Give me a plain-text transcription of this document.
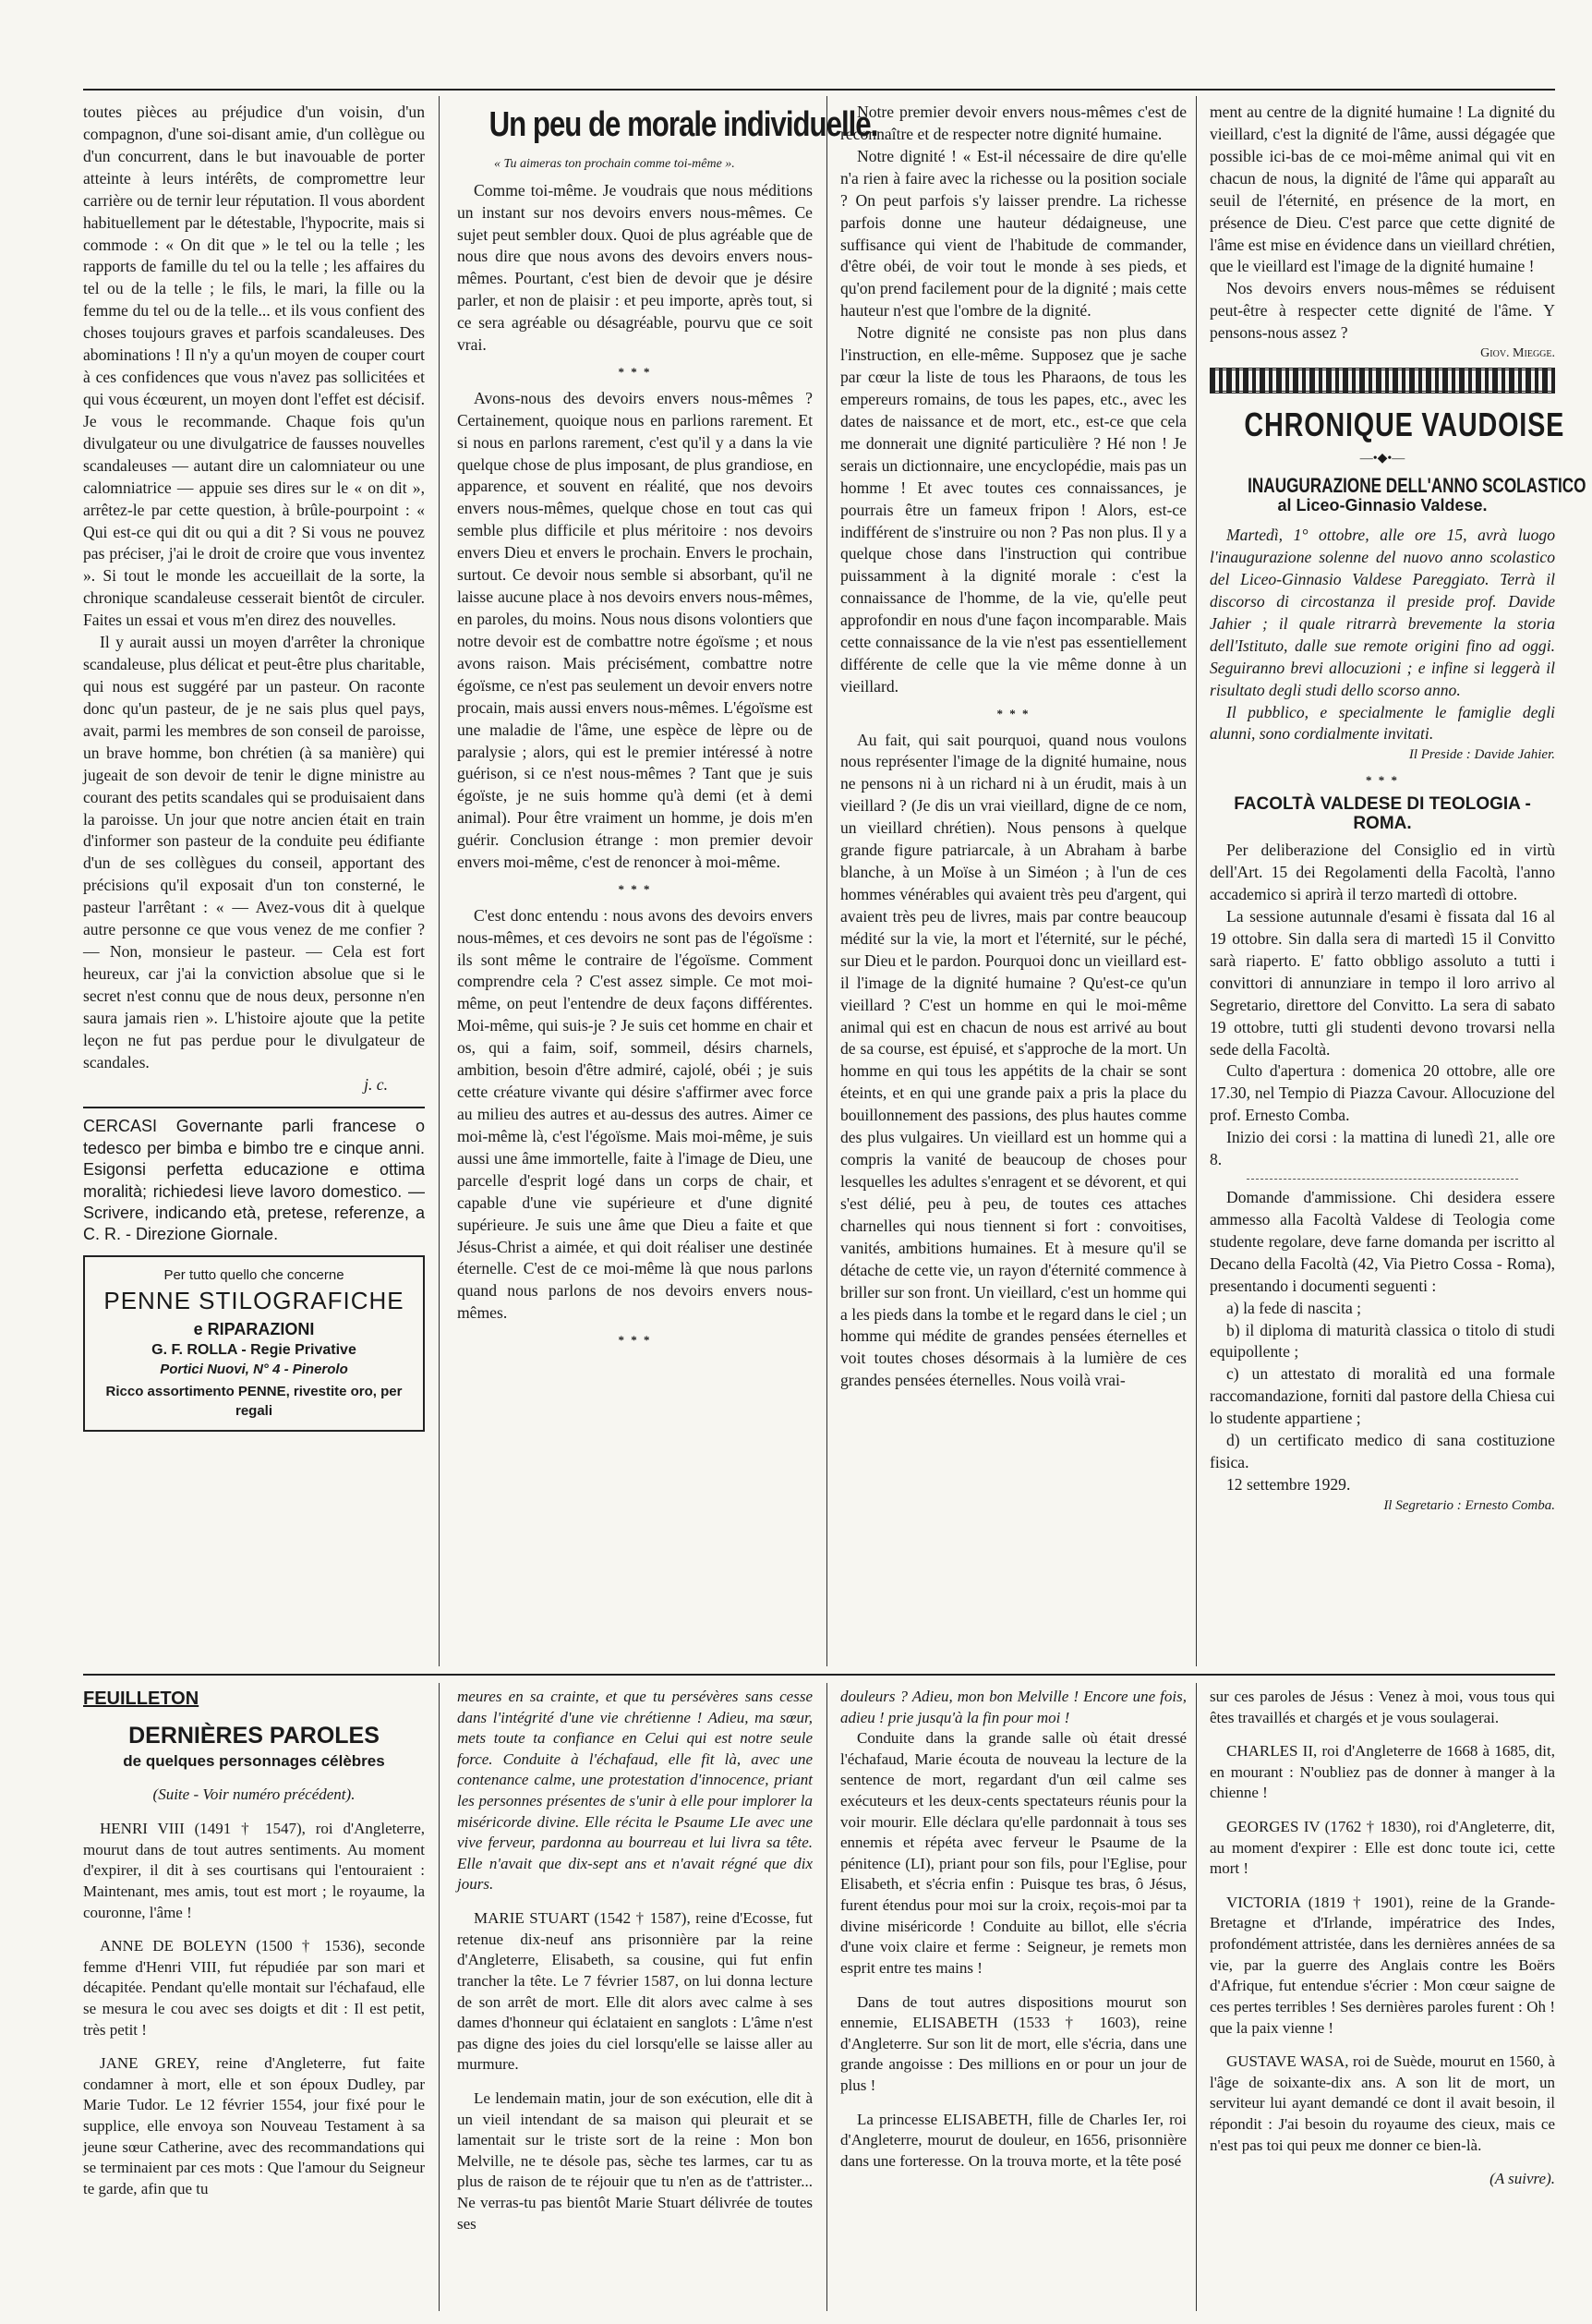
toutes pièces au préjudice d'un voisin, d'un compagnon, d'une soi-disant amie, d'un collègue ou d'un concurrent, dans le but inavouable de porter atteinte à leurs intérêts, de compromettre leur carrière ou de ternir leur réputation. Il vous abordent habituellement par le détestable, l'hypocrite, mais si commode : « On dit que » le tel ou la telle ; les rapports de famille du tel ou la telle ; les affaires du tel ou de la telle ; le fils, le mari, la fille ou la femme du tel ou de la telle... et ils vous confient des choses toujours graves et parfois scandaleuses. Des abominations ! Il n'y a qu'un moyen de couper court à ces confidences que vous n'avez pas sollicitées et qui vous écœurent, un moyen dont l'effet est décisif. Je vous le recommande. Chaque fois qu'un divulgateur ou une divulgatrice de fausses nouvelles scandaleuses — autant dire un calomniateur ou une calomniatrice — appuie ses dires sur le « on dit », arrêtez-le par cette question, à brûle-pourpoint : « Qui est-ce qui dit ou qui a dit ? Si vous ne pouvez pas préciser, j'ai le droit de croire que vous inventez ». Si tout le monde les accueillait de la sorte, la chronique scandaleuse cesserait bientôt de circuler. Faites un essai et vous m'en direz des nouvelles.

Il y aurait aussi un moyen d'arrêter la chronique scandaleuse, plus délicat et peut-être plus charitable, qui nous est suggéré par un pasteur. On raconte donc qu'un pasteur, de je ne sais plus quel pays, avait, parmi les membres de son conseil de paroisse, un brave homme, bon chrétien (à sa manière) qui jugeait de son devoir de tenir le digne ministre au courant des petits scandales qui se produisaient dans la paroisse. Un jour que notre ancien était en train d'informer son pasteur de la conduite peu édifiante d'un de ses collègues du conseil, apportant des précisions qu'il exposait d'un ton consterné, le pasteur l'arrêtant : « — Avez-vous dit à quelque autre personne ce que vous venez de me confier ? — Non, monsieur le pasteur. — Cela est fort heureux, car j'ai la conviction absolue que si le secret n'est connu que de nous deux, personne n'en saura jamais rien ». L'histoire ajoute que la petite leçon ne fut pas perdue pour le divulgateur de scandales.

j. c.

CERCASI Governante parli francese o tedesco per bimba e bimbo tre e cinque anni. Esigonsi perfetta educazione e ottima moralità; richiedesi lieve lavoro domestico. — Scrivere, indicando età, pretese, referenze, a C. R. - Direzione Giornale.

Per tutto quello che concerne
PENNE STILOGRAFICHE
e RIPARAZIONI
G. F. ROLLA - Regie Privative
Portici Nuovi, N° 4 - Pinerolo
Ricco assortimento PENNE, rivestite oro, per regali
Un peu de morale individuelle.
« Tu aimeras ton prochain comme toi-même ».

Comme toi-même. Je voudrais que nous méditions un instant sur nos devoirs envers nous-mêmes. Ce sujet peut sembler doux. Quoi de plus agréable que de nous dire que nous avons des devoirs envers nous-mêmes. Pourtant, c'est bien de devoir que je désire parler, et non de plaisir : et peu importe, après tout, si ce sera agréable ou désagréable, pourvu que ce soit vrai.

* * *

Avons-nous des devoirs envers nous-mêmes ? Certainement, quoique nous en parlions rarement. Et si nous en parlons rarement, c'est qu'il y a dans la vie quelque chose de plus imposant, de plus grandiose, en apparence, et souvent en réalité, que nos devoirs envers nous-mêmes, quelque chose en tout cas qui semble plus difficile et plus méritoire : nos devoirs envers Dieu et envers le prochain. Envers le prochain, surtout. Ce devoir nous semble si absorbant, qu'il ne laisse aucune place à nos devoirs envers nous-mêmes, en paroles, du moins. Nous nous disons volontiers que notre devoir est de combattre notre égoïsme ; et nous avons raison. Mais précisément, combattre notre égoïsme, ce n'est pas seulement un devoir envers notre procain, mais aussi envers nous-mêmes. L'égoïsme est une maladie de l'âme, une espèce de lèpre ou de paralysie ; alors, qui est le premier intéressé à notre guérison, si ce n'est nous-mêmes ? Tant que je suis égoïste, je ne suis homme qu'à demi (et à demi animal). Pour être vraiment un homme, je dois m'en guérir. Conclusion étrange : mon premier devoir envers moi-même, c'est de renoncer à moi-même.

* * *

C'est donc entendu : nous avons des devoirs envers nous-mêmes, et ces devoirs ne sont pas de l'égoïsme : ils sont même le contraire de l'égoïsme. Comment comprendre cela ? C'est assez simple. Ce mot moi-même, on peut l'entendre de deux façons différentes. Moi-même, qui suis-je ? Je suis cet homme en chair et os, qui a faim, soif, sommeil, désirs charnels, ambition, besoin d'être admiré, cajolé, obéi ; je suis cette créature vivante qui désire s'affirmer avec force au milieu des autres et au-dessus des autres. Aimer ce moi-même là, c'est l'égoïsme. Mais moi-même, je suis aussi une âme immortelle, faite à l'image de Dieu, une parcelle d'esprit logé dans un corps de chair, et capable d'une vie supérieure et d'une dignité supérieure. Je suis une âme que Dieu a faite et que Jésus-Christ a aimée, et qui doit réaliser une destinée éternelle. C'est de ce moi-même là que nous parlons quand nous parlons de nos devoirs envers nous-mêmes.

* * *

Notre premier devoir envers nous-mêmes c'est de reconnaître et de respecter notre dignité humaine.

Notre dignité ! « Est-il nécessaire de dire qu'elle n'a rien à faire avec la richesse ou la position sociale ? On peut parfois s'y laisser prendre. La richesse parfois donne une hauteur dédaigneuse, une suffisance qui vient de l'habitude de commander, d'être obéi, de voir tout le monde à ses pieds, et qu'on prend facilement pour de la dignité ; mais cette hauteur n'est que l'ombre de la dignité.

Notre dignité ne consiste pas non plus dans l'instruction, en elle-même. Supposez que je sache par cœur la liste de tous les Pharaons, de tous les empereurs romains, de tous les papes, etc., avec les dates de naissance et de mort, etc., est-ce que cela me donnerait une dignité particulière ? Hé non ! Je serais un dictionnaire, une encyclopédie, mais pas un homme ! Et avec toutes ces connaissances, je pourrais être un fameux fripon ! Alors, est-ce indifférent de s'instruire ou non ? Pas non plus. Il y a quelque chose dans l'instruction qui contribue puissamment à la dignité morale : c'est la connaissance de l'homme, de la vie, qu'elle peut approfondir en nous d'une façon incomparable. Mais cette connaissance de la vie n'est pas essentiellement différente de celle que la vie même donne à un vieillard.

* * *

Au fait, qui sait pourquoi, quand nous voulons nous représenter l'image de la dignité humaine, nous ne pensons ni à un richard ni à un érudit, mais à un vieillard ? (Je dis un vrai vieillard, digne de ce nom, un vieillard chrétien). Nous pensons à quelque grande figure patriarcale, à un Abraham à barbe blanche, à un Moïse à un Siméon ; à l'un de ces hommes vénérables qui avaient très peu d'argent, qui avaient très peu de livres, mais par contre beaucoup médité sur la vie, la mort et l'éternité, sur le péché, sur Dieu et le pardon. Pourquoi donc un vieillard est-il l'image de la dignité humaine ? Qu'est-ce qu'un vieillard ? C'est un homme en qui le moi-même animal qui est en chacun de nous est arrivé au bout de sa course, est épuisé, et s'approche de la mort. Un homme en qui tous les appétits de la chair se sont éteints, et en qui une grande paix a pris la place du bouillonnement des passions, des plus hautes comme des plus vulgaires. Un vieillard est un homme qui a compris la vanité de beaucoup de choses pour lesquelles les adultes s'enragent et se dévorent, et qui s'est délié, peu à peu, de toutes ces attaches charnelles qui nous tiennent si fort : convoitises, vanités, ambitions humaines. Et à mesure qu'il se détache de cette vie, un rayon d'éternité commence à briller sur son front. Un vieillard, c'est un homme qui a les pieds dans la tombe et le regard dans le ciel ; un homme qui médite de grandes pensées éternelles et voit toutes choses désormais à la lumière de ces grandes pensées éternelles. Nous voilà vrai-

ment au centre de la dignité humaine ! La dignité du vieillard, c'est la dignité de l'âme, aussi dégagée que possible ici-bas de ce moi-même animal qui vit en chacun de nous, la dignité de l'âme qui apparaît au seuil de l'éternité, en présence de la mort, en présence de Dieu. C'est parce que cette dignité de l'âme est mise en évidence dans un vieillard chrétien, que le vieillard est l'image de la dignité humaine !

Nos devoirs envers nous-mêmes se réduisent peut-être à respecter cette dignité de l'âme. Y pensons-nous assez ?

Giov. Miegge.
CHRONIQUE VAUDOISE
—•◆•—
INAUGURAZIONE DELL'ANNO SCOLASTICO
al Liceo-Ginnasio Valdese.

Martedì, 1° ottobre, alle ore 15, avrà luogo l'inaugurazione solenne del nuovo anno scolastico del Liceo-Ginnasio Valdese Pareggiato. Terrà il discorso di circostanza il preside prof. Davide Jahier ; il quale ritrarrà brevemente la storia dell'Istituto, dalle sue remote origini fino ad oggi. Seguiranno brevi allocuzioni ; e infine si leggerà il risultato degli studi dello scorso anno.

Il pubblico, e specialmente le famiglie degli alunni, sono cordialmente invitati.

Il Preside : Davide Jahier.
* * *
FACOLTÀ VALDESE DI TEOLOGIA - ROMA.

Per deliberazione del Consiglio ed in virtù dell'Art. 15 dei Regolamenti della Facoltà, l'anno accademico si aprirà il terzo martedì di ottobre.

La sessione autunnale d'esami è fissata dal 16 al 19 ottobre. Sin dalla sera di martedì 15 il Convitto sarà riaperto. E' fatto obbligo assoluto a tutti i convittori di annunziare in tempo il loro arrivo al Segretario, direttore del Convitto. La sera di sabato 19 ottobre, tutti gli studenti devono trovarsi nella sede della Facoltà.

Culto d'apertura : domenica 20 ottobre, alle ore 17.30, nel Tempio di Piazza Cavour. Allocuzione del prof. Ernesto Comba.

Inizio dei corsi : la mattina di lunedì 21, alle ore 8.

Domande d'ammissione. Chi desidera essere ammesso alla Facoltà Valdese di Teologia come studente regolare, deve farne domanda per iscritto al Decano della Facoltà (42, Via Pietro Cossa - Roma), presentando i documenti seguenti :

a) la fede di nascita ;

b) il diploma di maturità classica o titolo di studi equipollente ;

c) un attestato di moralità ed una formale raccomandazione, forniti dal pastore della Chiesa cui lo studente appartiene ;

d) un certificato medico di sana costituzione fisica.

12 settembre 1929.

Il Segretario : Ernesto Comba.
FEUILLETON
DERNIÈRES PAROLES
de quelques personnages célèbres
(Suite - Voir numéro précédent).

HENRI VIII (1491 † 1547), roi d'Angleterre, mourut dans de tout autres sentiments. Au moment d'expirer, il dit à ses courtisans qui l'entouraient : Maintenant, mes amis, tout est mort ; le royaume, la couronne, l'âme !

ANNE DE BOLEYN (1500 † 1536), seconde femme d'Henri VIII, fut répudiée par son mari et décapitée. Pendant qu'elle montait sur l'échafaud, elle se mesura le cou avec ses doigts et dit : Il est petit, très petit !

JANE GREY, reine d'Angleterre, fut faite condamner à mort, elle et son époux Dudley, par Marie Tudor. Le 12 février 1554, jour fixé pour le supplice, elle envoya son Nouveau Testament à sa jeune sœur Catherine, avec des recommandations qui se terminaient par ces mots : Que l'amour du Seigneur te garde, afin que tu

meures en sa crainte, et que tu persévères sans cesse dans l'intégrité d'une vie chrétienne ! Adieu, ma sœur, mets toute ta confiance en Celui qui est notre seule force. Conduite à l'échafaud, elle fit là, avec une contenance calme, une protestation d'innocence, priant les personnes présentes de s'unir à elle pour implorer la miséricorde divine. Elle récita le Psaume LIe avec une vive ferveur, pardonna au bourreau et lui livra sa tête. Elle n'avait que dix-sept ans et n'avait régné que dix jours.

MARIE STUART (1542 † 1587), reine d'Ecosse, fut retenue dix-neuf ans prisonnière par la reine d'Angleterre, Elisabeth, sa cousine, qui fut enfin trancher la tête. Le 7 février 1587, on lui donna lecture de son arrêt de mort. Elle dit alors avec calme à ses dames d'honneur qui éclataient en sanglots : L'âme n'est pas digne des joies du ciel lorsqu'elle se laisse aller au murmure.

Le lendemain matin, jour de son exécution, elle dit à un vieil intendant de sa maison qui pleurait et se lamentait sur le triste sort de la reine : Mon bon Melville, ne te désole pas, sèche tes larmes, car tu as plus de raison de te réjouir que tu n'en as de t'attrister... Ne verras-tu pas bientôt Marie Stuart délivrée de toutes ses

douleurs ? Adieu, mon bon Melville ! Encore une fois, adieu ! prie jusqu'à la fin pour moi !

Conduite dans la grande salle où était dressé l'échafaud, Marie écouta de nouveau la lecture de la sentence de mort, regardant d'un œil calme ses exécuteurs et les deux-cents spectateurs réunis pour la voir mourir. Elle déclara qu'elle pardonnait à tous ses ennemis et répéta avec ferveur le Psaume de la pénitence (LI), priant pour son fils, pour l'Eglise, pour Elisabeth, et s'écria enfin : Puisque tes bras, ô Jésus, furent étendus pour moi sur la croix, reçois-moi par ta divine miséricorde ! Conduite au billot, elle s'écria d'une voix claire et ferme : Seigneur, je remets mon esprit entre tes mains !

Dans de tout autres dispositions mourut son ennemie, ELISABETH (1533 † 1603), reine d'Angleterre. Sur son lit de mort, elle s'écria, dans une grande angoisse : Des millions en or pour un jour de plus !

La princesse ELISABETH, fille de Charles Ier, roi d'Angleterre, mourut de douleur, en 1656, prisonnière dans une forteresse. On la trouva morte, et la tête posé

sur ces paroles de Jésus : Venez à moi, vous tous qui êtes travaillés et chargés et je vous soulagerai.

CHARLES II, roi d'Angleterre de 1668 à 1685, dit, en mourant : N'oubliez pas de donner à manger à la chienne !

GEORGES IV (1762 † 1830), roi d'Angleterre, dit, au moment d'expirer : Elle est donc toute ici, cette mort !

VICTORIA (1819 † 1901), reine de la Grande-Bretagne et d'Irlande, impératrice des Indes, profondément attristée, dans les dernières années de sa vie, par la guerre des Anglais contre les Boërs d'Afrique, fut entendue s'écrier : Mon cœur saigne de ces pertes terribles ! Ses dernières paroles furent : Oh ! que la paix vienne !

GUSTAVE WASA, roi de Suède, mourut en 1560, à l'âge de soixante-dix ans. A son lit de mort, un serviteur lui ayant demandé ce dont il avait besoin, il répondit : J'ai besoin du royaume des cieux, mais ce n'est pas toi qui peux me donner ce bien-là.

(A suivre).
